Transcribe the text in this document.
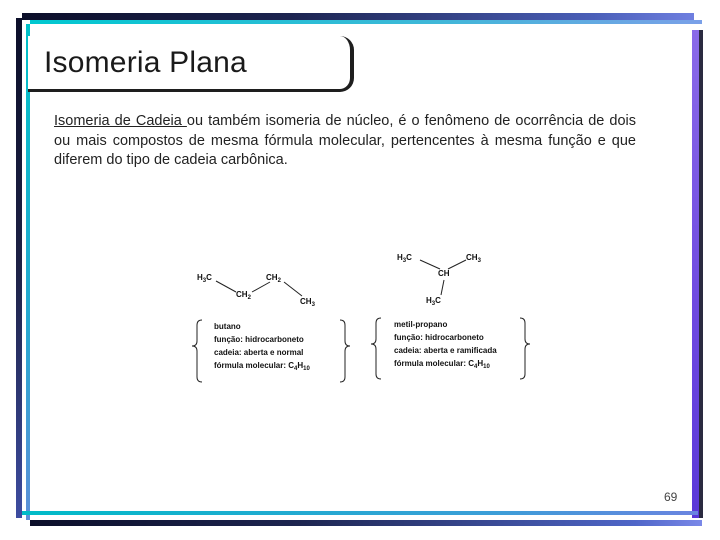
Isomeria Plana
Isomeria de Cadeia ou também isomeria de núcleo, é o fenômeno de ocorrência de dois ou mais compostos de mesma fórmula molecular, pertencentes à mesma função e que diferem do tipo de cadeia carbônica.
$H_3C$	$CH_2$
$CH_2$	$CH_3$
$H_3C$	$CH_3$
CH
$H_3C$
butano
função: hidrocarboneto
cadeia: aberta e normal
fórmula molecular: $C_4H_{10}$
metil-propano
função: hidrocarboneto
cadeia: aberta e ramificada
fórmula molecular: $C_4H_{10}$
69
